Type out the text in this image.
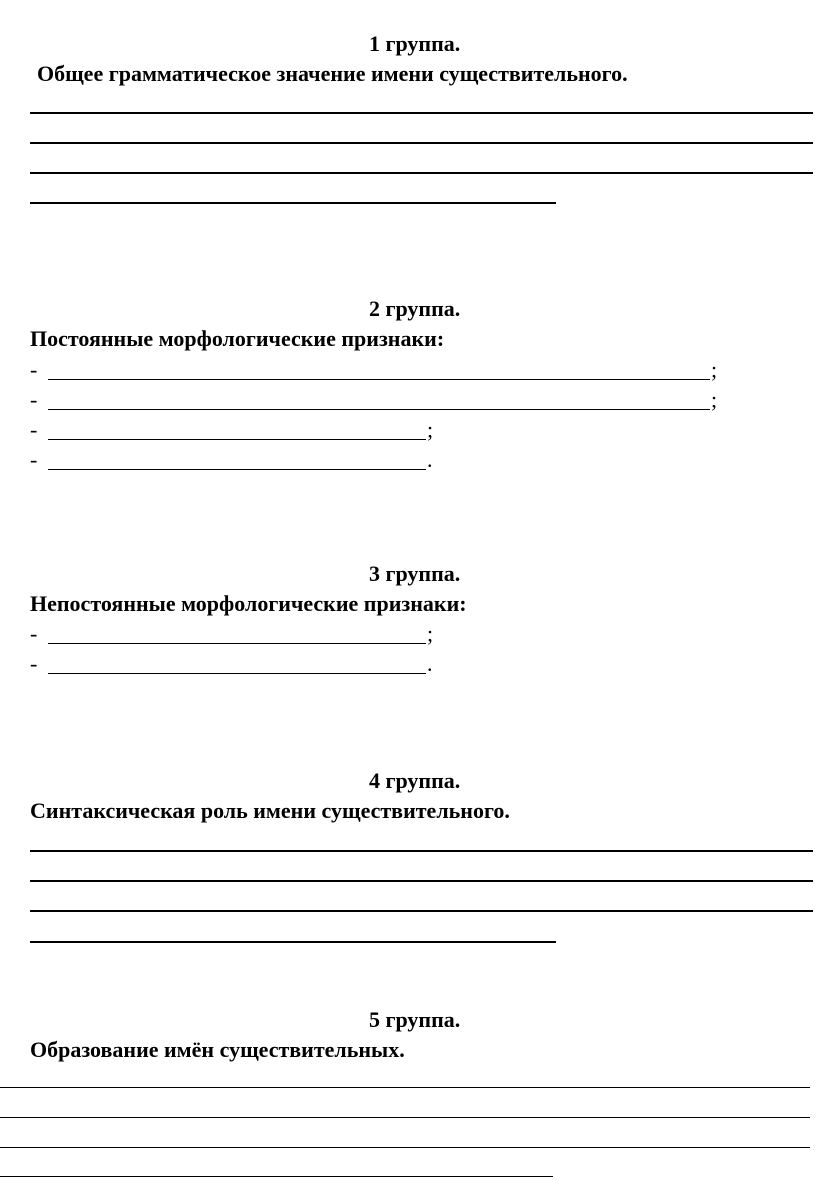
1 группа.
Общее грамматическое значение имени существительного.
2 группа.
Постоянные морфологические признаки:
-	;
-	;
-	;
-	.
3 группа.
Непостоянные морфологические признаки:
-	;
-	.
4 группа.
Синтаксическая роль имени существительного.
5 группа.
Образование имён существительных.
